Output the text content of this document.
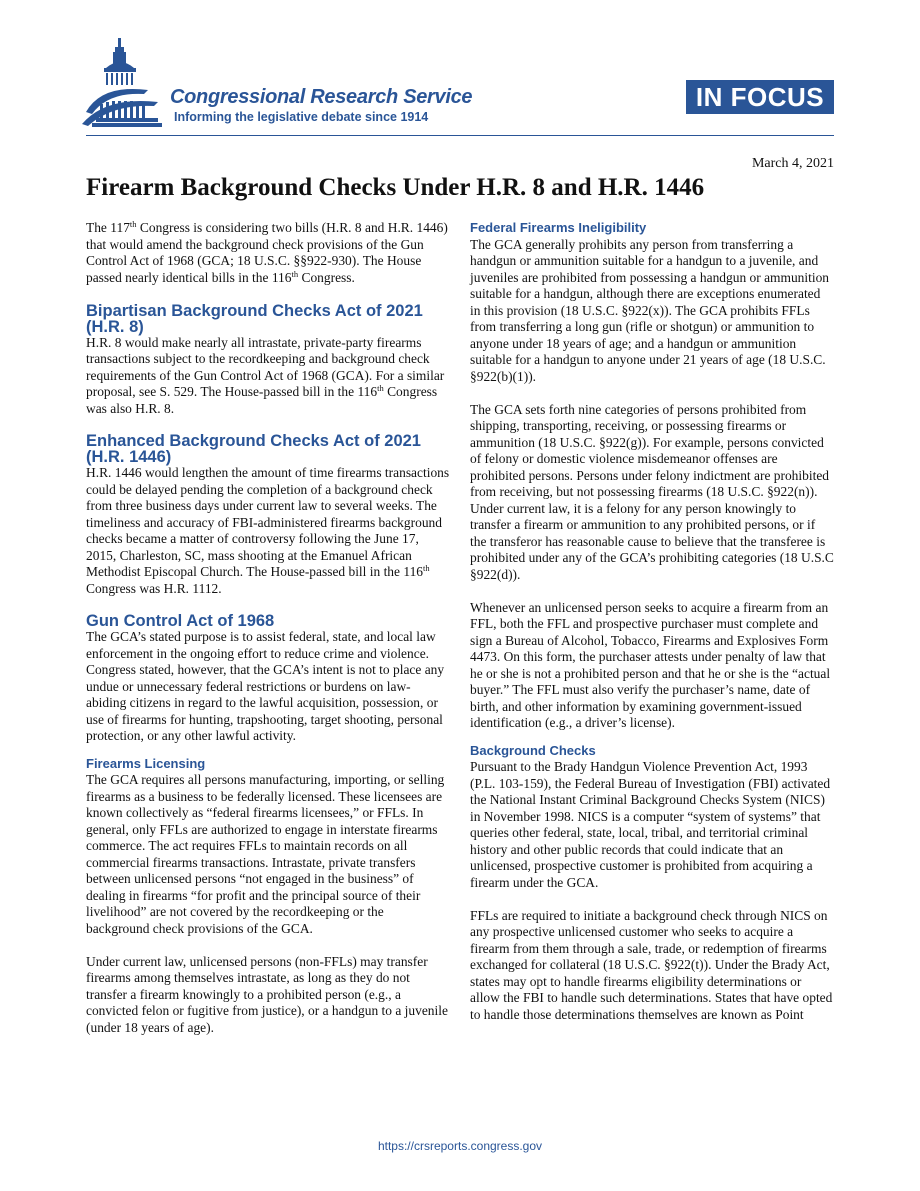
Congressional Research Service
Informing the legislative debate since 1914
IN FOCUS
March 4, 2021
Firearm Background Checks Under H.R. 8 and H.R. 1446

The 117th Congress is considering two bills (H.R. 8 and H.R. 1446) that would amend the background check provisions of the Gun Control Act of 1968 (GCA; 18 U.S.C. §§922-930). The House passed nearly identical bills in the 116th Congress.

Bipartisan Background Checks Act of 2021 (H.R. 8)

H.R. 8 would make nearly all intrastate, private-party firearms transactions subject to the recordkeeping and background check requirements of the Gun Control Act of 1968 (GCA). For a similar proposal, see S. 529. The House-passed bill in the 116th Congress was also H.R. 8.

Enhanced Background Checks Act of 2021 (H.R. 1446)

H.R. 1446 would lengthen the amount of time firearms transactions could be delayed pending the completion of a background check from three business days under current law to several weeks. The timeliness and accuracy of FBI-administered firearms background checks became a matter of controversy following the June 17, 2015, Charleston, SC, mass shooting at the Emanuel African Methodist Episcopal Church. The House-passed bill in the 116th Congress was H.R. 1112.

Gun Control Act of 1968

The GCA’s stated purpose is to assist federal, state, and local law enforcement in the ongoing effort to reduce crime and violence. Congress stated, however, that the GCA’s intent is not to place any undue or unnecessary federal restrictions or burdens on law-abiding citizens in regard to the lawful acquisition, possession, or use of firearms for hunting, trapshooting, target shooting, personal protection, or any other lawful activity.

Firearms Licensing

The GCA requires all persons manufacturing, importing, or selling firearms as a business to be federally licensed. These licensees are known collectively as “federal firearms licensees,” or FFLs. In general, only FFLs are authorized to engage in interstate firearms commerce. The act requires FFLs to maintain records on all commercial firearms transactions. Intrastate, private transfers between unlicensed persons “not engaged in the business” of dealing in firearms “for profit and the principal source of their livelihood” are not covered by the recordkeeping or the background check provisions of the GCA.

Under current law, unlicensed persons (non-FFLs) may transfer firearms among themselves intrastate, as long as they do not transfer a firearm knowingly to a prohibited person (e.g., a convicted felon or fugitive from justice), or a handgun to a juvenile (under 18 years of age).

Federal Firearms Ineligibility

The GCA generally prohibits any person from transferring a handgun or ammunition suitable for a handgun to a juvenile, and juveniles are prohibited from possessing a handgun or ammunition suitable for a handgun, although there are exceptions enumerated in this provision (18 U.S.C. §922(x)). The GCA prohibits FFLs from transferring a long gun (rifle or shotgun) or ammunition to anyone under 18 years of age; and a handgun or ammunition suitable for a handgun to anyone under 21 years of age (18 U.S.C. §922(b)(1)).

The GCA sets forth nine categories of persons prohibited from shipping, transporting, receiving, or possessing firearms or ammunition (18 U.S.C. §922(g)). For example, persons convicted of felony or domestic violence misdemeanor offenses are prohibited persons. Persons under felony indictment are prohibited from receiving, but not possessing firearms (18 U.S.C. §922(n)). Under current law, it is a felony for any person knowingly to transfer a firearm or ammunition to any prohibited persons, or if the transferor has reasonable cause to believe that the transferee is prohibited under any of the GCA’s prohibiting categories (18 U.S.C §922(d)).

Whenever an unlicensed person seeks to acquire a firearm from an FFL, both the FFL and prospective purchaser must complete and sign a Bureau of Alcohol, Tobacco, Firearms and Explosives Form 4473. On this form, the purchaser attests under penalty of law that he or she is not a prohibited person and that he or she is the “actual buyer.” The FFL must also verify the purchaser’s name, date of birth, and other information by examining government-issued identification (e.g., a driver’s license).

Background Checks

Pursuant to the Brady Handgun Violence Prevention Act, 1993 (P.L. 103-159), the Federal Bureau of Investigation (FBI) activated the National Instant Criminal Background Checks System (NICS) in November 1998. NICS is a computer “system of systems” that queries other federal, state, local, tribal, and territorial criminal history and other public records that could indicate that an unlicensed, prospective customer is prohibited from acquiring a firearm under the GCA.

FFLs are required to initiate a background check through NICS on any prospective unlicensed customer who seeks to acquire a firearm from them through a sale, trade, or redemption of firearms exchanged for collateral (18 U.S.C. §922(t)). Under the Brady Act, states may opt to handle firearms eligibility determinations or allow the FBI to handle such determinations. States that have opted to handle those determinations themselves are known as Point

https://crsreports.congress.gov
